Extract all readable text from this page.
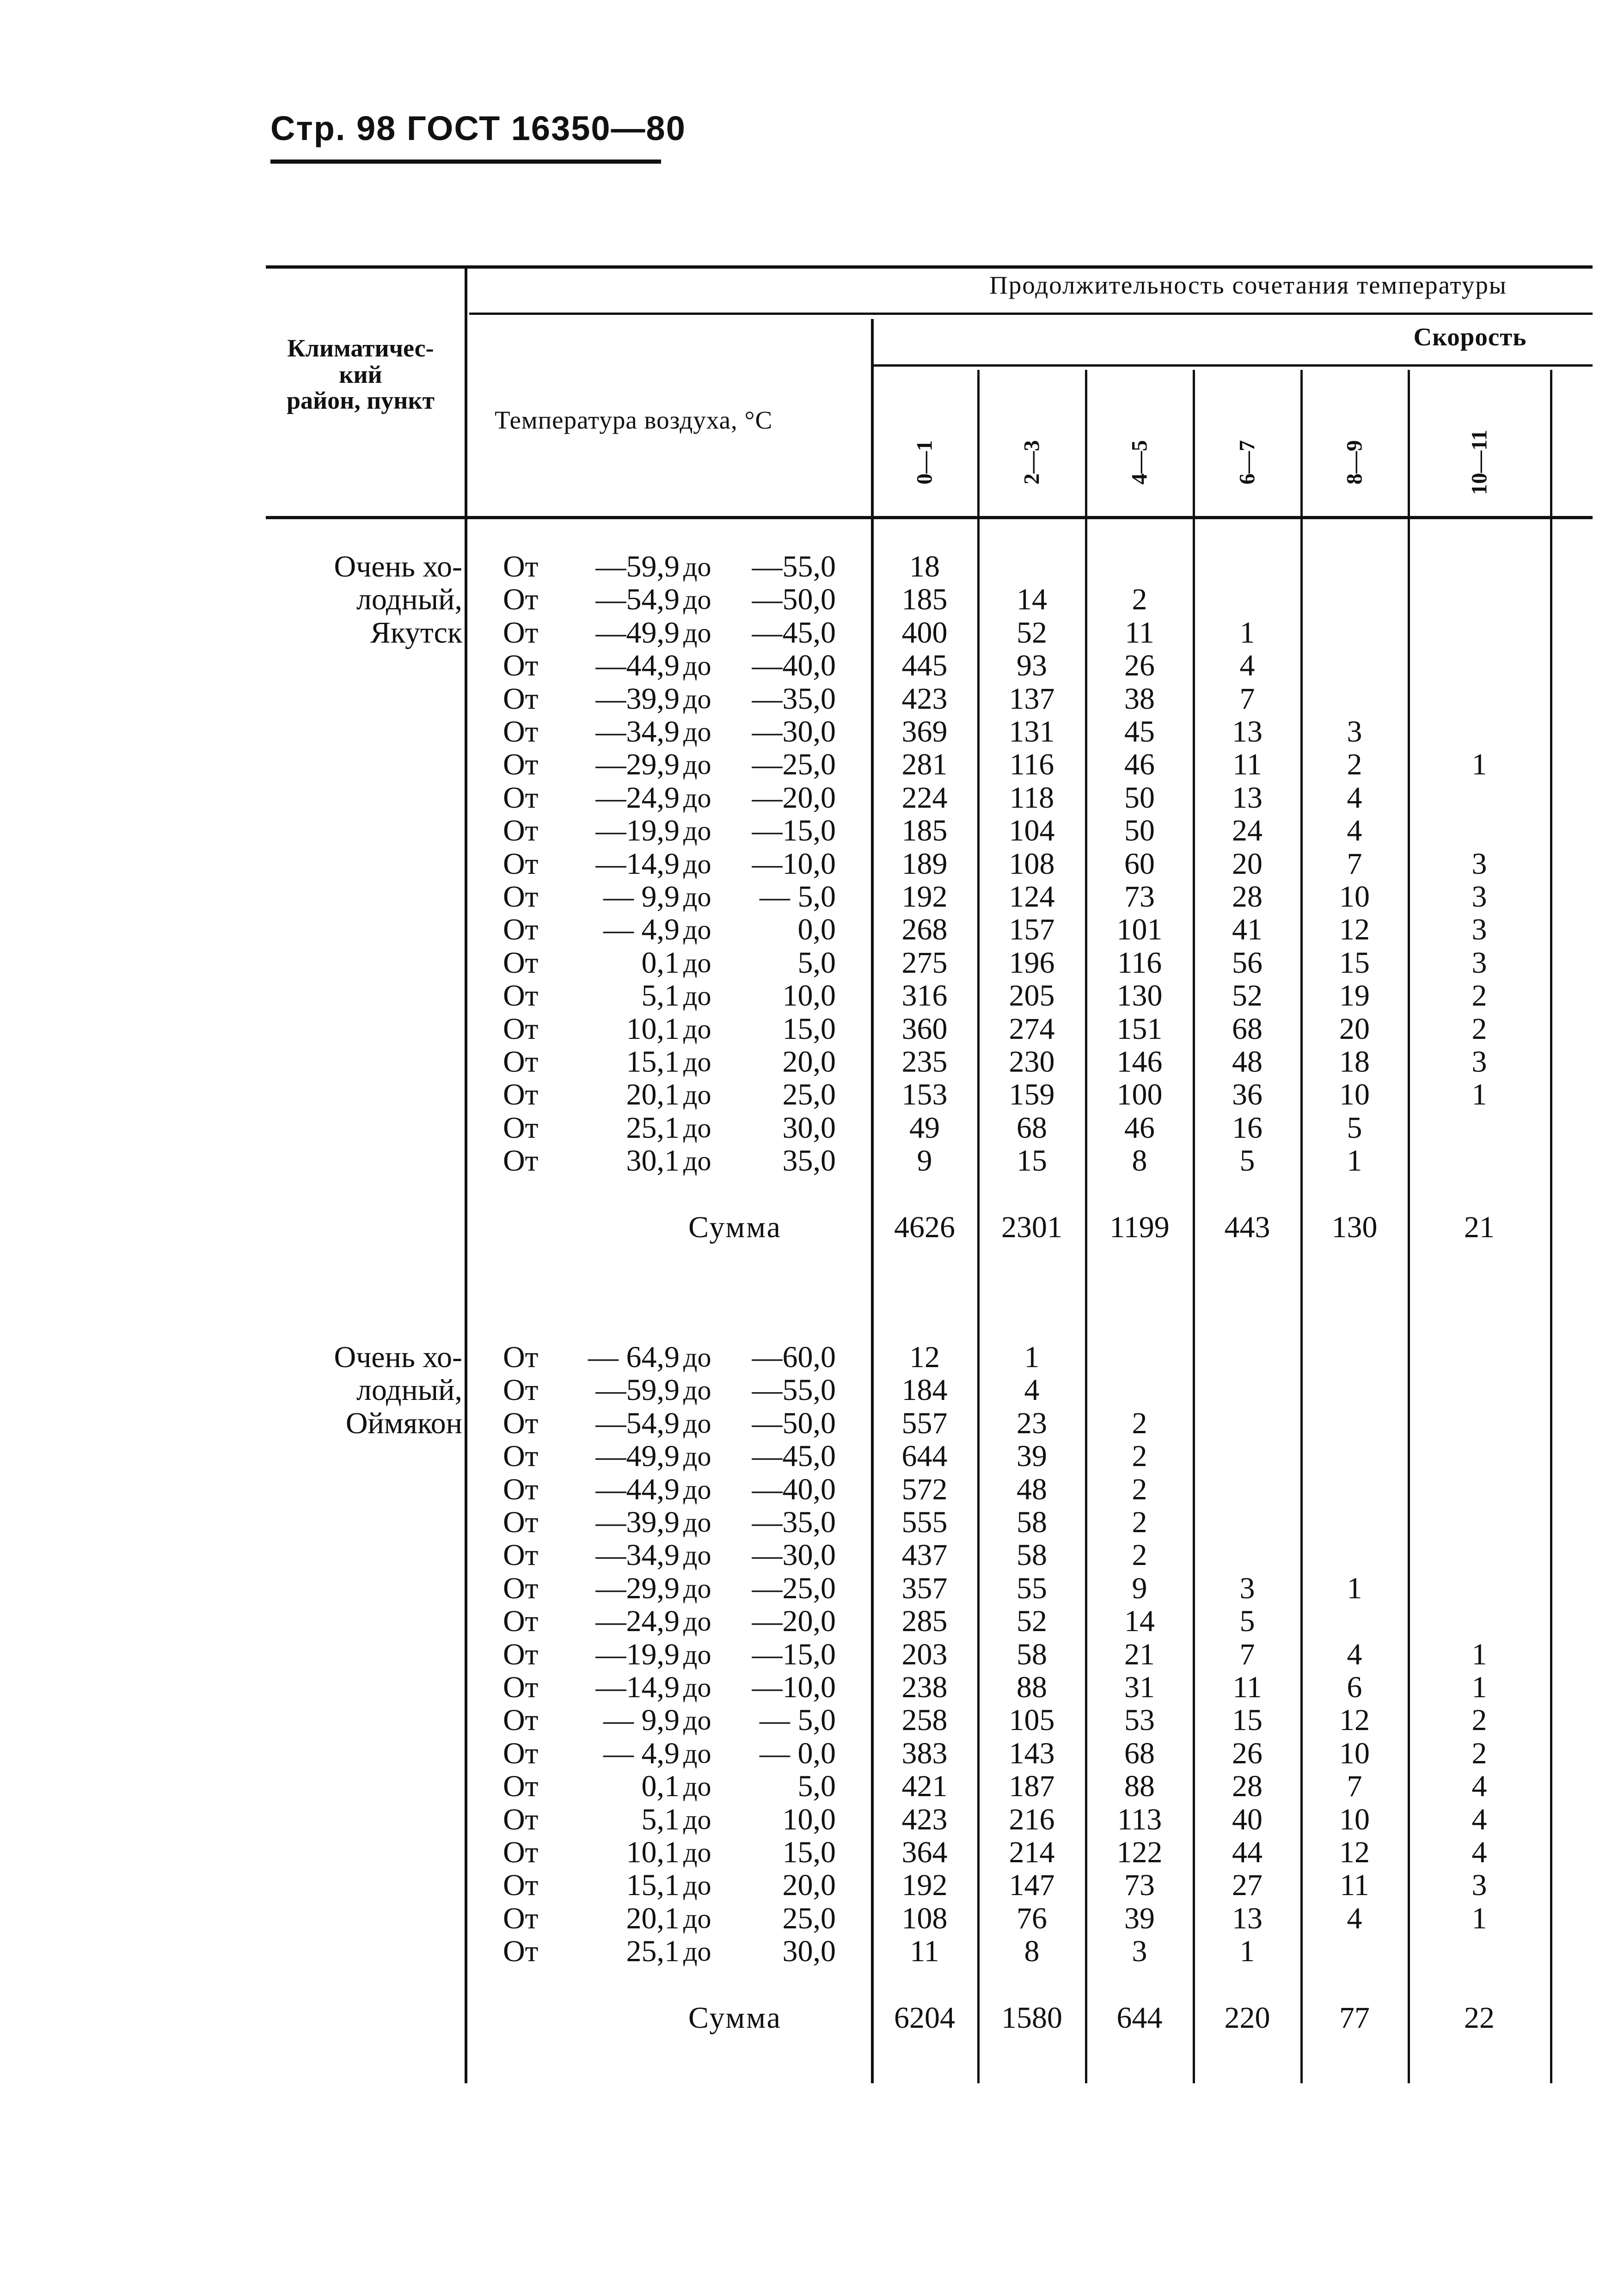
Стр. 98 ГОСТ 16350—80
Климатичес-
кий
район, пункт
Температура воздуха, °С
Продолжительность сочетания температуры
Скорость
0—1	2—3	4—5	6—7	8—9	10—11
Очень хо-
лодный,
Якутск
От	—59,9 до	—55,0	18
От	—54,9 до	—50,0	185	14	2
От	—49,9 до	—45,0	400	52	11	1
От	—44,9 до	—40,0	445	93	26	4
От	—39,9 до	—35,0	423	137	38	7
От	—34,9 до	—30,0	369	131	45	13	3
От	—29,9 до	—25,0	281	116	46	11	2	1
От	—24,9 до	—20,0	224	118	50	13	4
От	—19,9 до	—15,0	185	104	50	24	4
От	—14,9 до	—10,0	189	108	60	20	7	3
От	— 9,9 до	— 5,0	192	124	73	28	10	3
От	— 4,9 до	0,0	268	157	101	41	12	3
От	0,1 до	5,0	275	196	116	56	15	3
От	5,1 до	10,0	316	205	130	52	19	2
От	10,1 до	15,0	360	274	151	68	20	2
От	15,1 до	20,0	235	230	146	48	18	3
От	20,1 до	25,0	153	159	100	36	10	1
От	25,1 до	30,0	49	68	46	16	5
От	30,1 до	35,0	9	15	8	5	1
Сумма	4626	2301	1199	443	130	21
Очень хо-
лодный,
Оймякон
От	— 64,9 до	—60,0	12	1
От	—59,9 до	—55,0	184	4
От	—54,9 до	—50,0	557	23	2
От	—49,9 до	—45,0	644	39	2
От	—44,9 до	—40,0	572	48	2
От	—39,9 до	—35,0	555	58	2
От	—34,9 до	—30,0	437	58	2
От	—29,9 до	—25,0	357	55	9	3	1
От	—24,9 до	—20,0	285	52	14	5
От	—19,9 до	—15,0	203	58	21	7	4	1
От	—14,9 до	—10,0	238	88	31	11	6	1
От	— 9,9 до	— 5,0	258	105	53	15	12	2
От	— 4,9 до	— 0,0	383	143	68	26	10	2
От	0,1 до	5,0	421	187	88	28	7	4
От	5,1 до	10,0	423	216	113	40	10	4
От	10,1 до	15,0	364	214	122	44	12	4
От	15,1 до	20,0	192	147	73	27	11	3
От	20,1 до	25,0	108	76	39	13	4	1
От	25,1 до	30,0	11	8	3	1
Сумма	6204	1580	644	220	77	22
